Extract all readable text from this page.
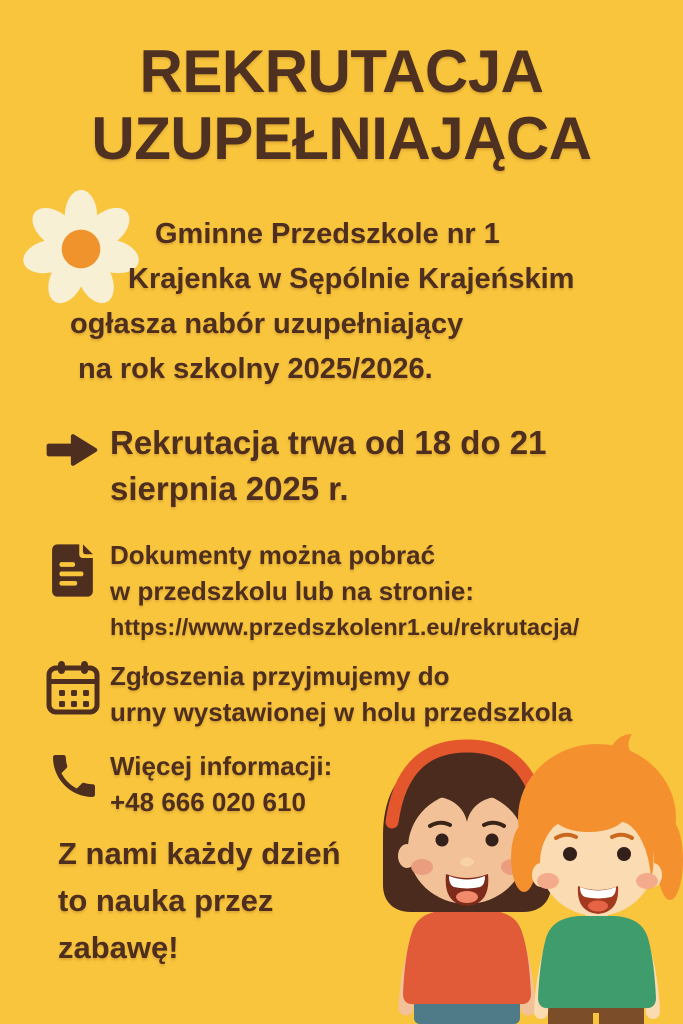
REKRUTACJA
UZUPEŁNIAJĄCA
Gminne Przedszkole nr 1
Krajenka w Sępólnie Krajeńskim
ogłasza nabór uzupełniający
na rok szkolny 2025/2026.
Rekrutacja trwa od 18 do 21
sierpnia 2025 r.
Dokumenty można pobrać
w przedszkolu lub na stronie:
https://www.przedszkolenr1.eu/rekrutacja/
Zgłoszenia przyjmujemy do
urny wystawionej w holu przedszkola
Więcej informacji:
+48 666 020 610
Z nami każdy dzień
to nauka przez
zabawę!
